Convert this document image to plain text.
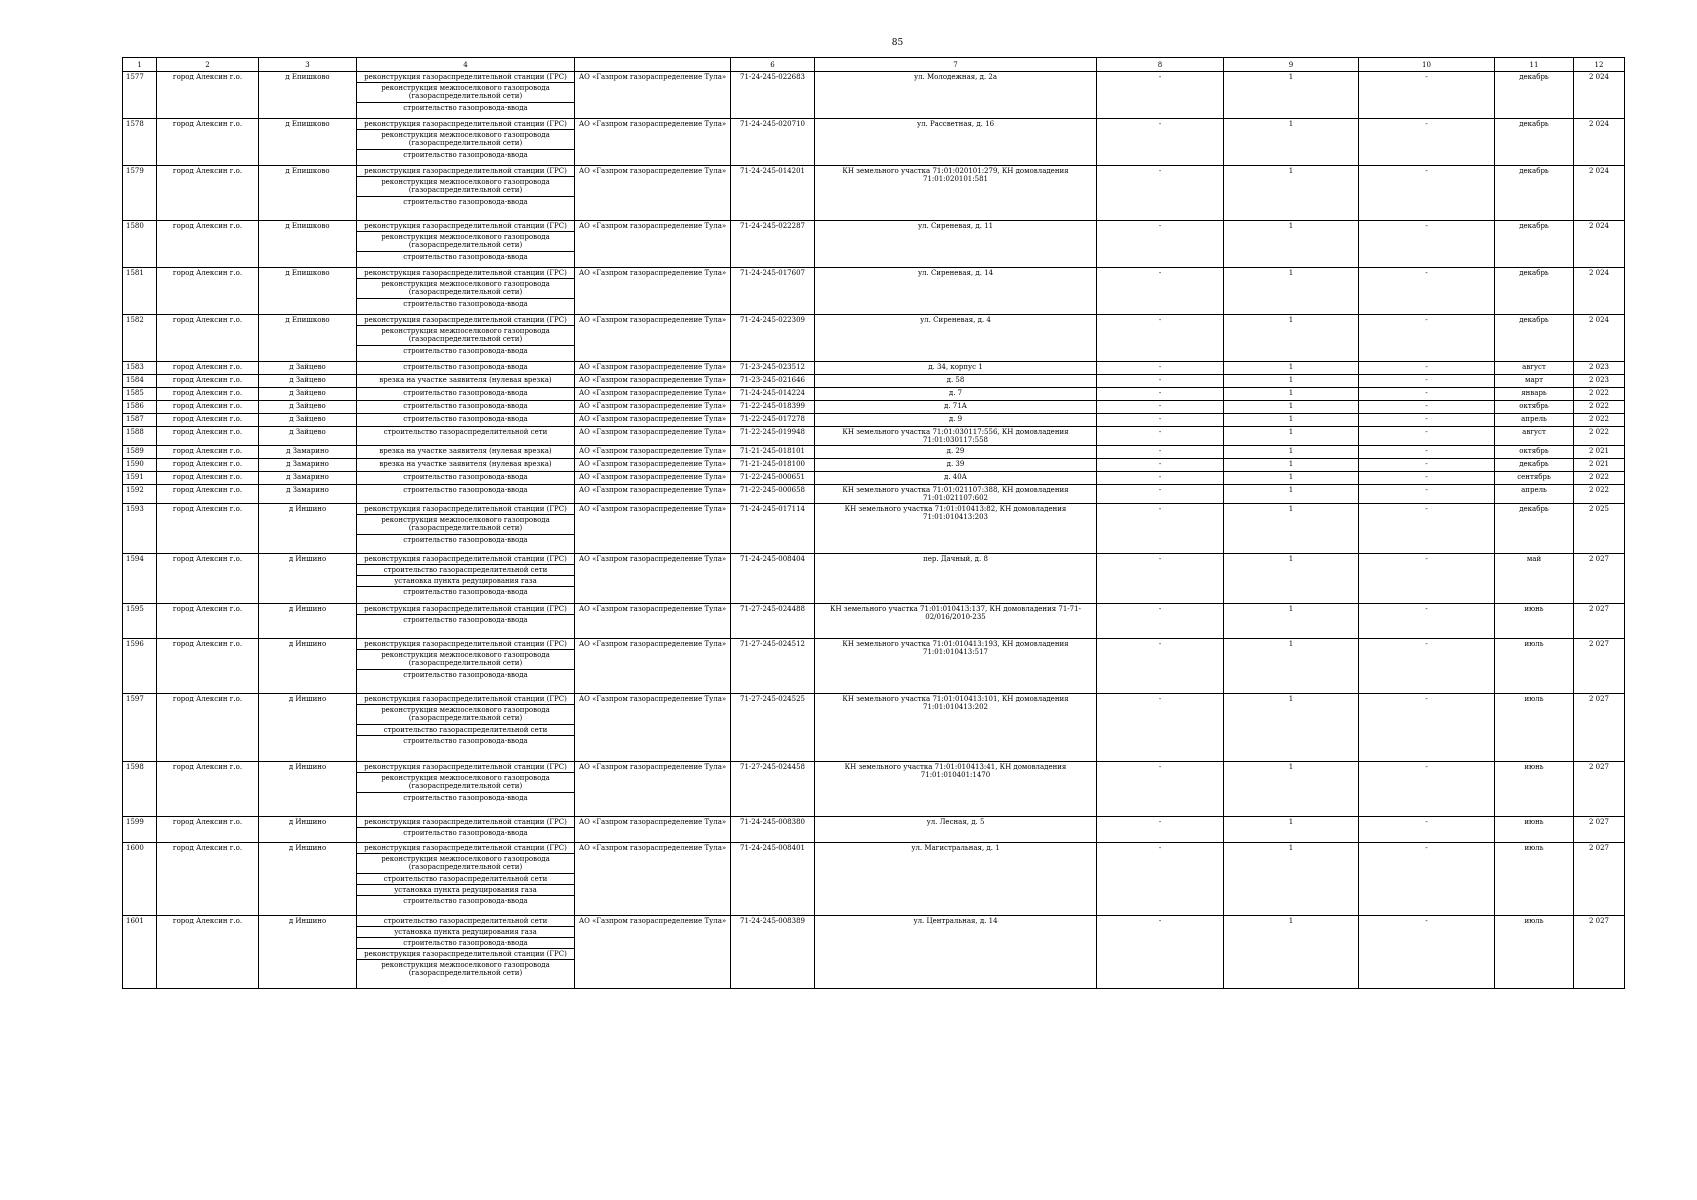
85
1	2	3	4		6	7	8	9	10	11	12
1577	город Алексин г.о.	д Епишково	реконструкция газораспределительной станции (ГРС)
реконструкция межпоселкового газопровода (газораспределительной сети)
строительство газопровода-ввода	АО «Газпром газораспределение Тула»	71-24-245-022683	ул. Молодежная, д. 2а	-	1	-	декабрь	2 024
1578	город Алексин г.о.	д Епишково	реконструкция газораспределительной станции (ГРС)
реконструкция межпоселкового газопровода (газораспределительной сети)
строительство газопровода-ввода	АО «Газпром газораспределение Тула»	71-24-245-020710	ул. Рассветная, д. 16	-	1	-	декабрь	2 024
1579	город Алексин г.о.	д Епишково	реконструкция газораспределительной станции (ГРС)
реконструкция межпоселкового газопровода (газораспределительной сети)
строительство газопровода-ввода	АО «Газпром газораспределение Тула»	71-24-245-014201	КН земельного участка 71:01:020101:279, КН домовладения 71:01:020101:581	-	1	-	декабрь	2 024
1580	город Алексин г.о.	д Епишково	реконструкция газораспределительной станции (ГРС)
реконструкция межпоселкового газопровода (газораспределительной сети)
строительство газопровода-ввода	АО «Газпром газораспределение Тула»	71-24-245-022287	ул. Сиреневая, д. 11	-	1	-	декабрь	2 024
1581	город Алексин г.о.	д Епишково	реконструкция газораспределительной станции (ГРС)
реконструкция межпоселкового газопровода (газораспределительной сети)
строительство газопровода-ввода	АО «Газпром газораспределение Тула»	71-24-245-017607	ул. Сиреневая, д. 14	-	1	-	декабрь	2 024
1582	город Алексин г.о.	д Епишково	реконструкция газораспределительной станции (ГРС)
реконструкция межпоселкового газопровода (газораспределительной сети)
строительство газопровода-ввода	АО «Газпром газораспределение Тула»	71-24-245-022309	ул. Сиреневая, д. 4	-	1	-	декабрь	2 024
1583	город Алексин г.о.	д Зайцево	строительство газопровода-ввода	АО «Газпром газораспределение Тула»	71-23-245-023512	д. 34, корпус 1	-	1	-	август	2 023
1584	город Алексин г.о.	д Зайцево	врезка на участке заявителя (нулевая врезка)	АО «Газпром газораспределение Тула»	71-23-245-021646	д. 58	-	1	-	март	2 023
1585	город Алексин г.о.	д Зайцево	строительство газопровода-ввода	АО «Газпром газораспределение Тула»	71-24-245-014224	д. 7	-	1	-	январь	2 022
1586	город Алексин г.о.	д Зайцево	строительство газопровода-ввода	АО «Газпром газораспределение Тула»	71-22-245-018399	д. 71А	-	1	-	октябрь	2 022
1587	город Алексин г.о.	д Зайцево	строительство газопровода-ввода	АО «Газпром газораспределение Тула»	71-22-245-017278	д. 9	-	1	-	апрель	2 022
1588	город Алексин г.о.	д Зайцево	строительство газораспределительной сети	АО «Газпром газораспределение Тула»	71-22-245-019948	КН земельного участка 71:01:030117:556, КН домовладения 71:01:030117:558	-	1	-	август	2 022
1589	город Алексин г.о.	д Замарино	врезка на участке заявителя (нулевая врезка)	АО «Газпром газораспределение Тула»	71-21-245-018101	д. 29	-	1	-	октябрь	2 021
1590	город Алексин г.о.	д Замарино	врезка на участке заявителя (нулевая врезка)	АО «Газпром газораспределение Тула»	71-21-245-018100	д. 39	-	1	-	декабрь	2 021
1591	город Алексин г.о.	д Замарино	строительство газопровода-ввода	АО «Газпром газораспределение Тула»	71-22-245-000651	д. 40А	-	1	-	сентябрь	2 022
1592	город Алексин г.о.	д Замарино	строительство газопровода-ввода	АО «Газпром газораспределение Тула»	71-22-245-000658	КН земельного участка 71:01:021107:388, КН домовладения 71:01:021107:602	-	1	-	апрель	2 022
1593	город Алексин г.о.	д Иншино	реконструкция газораспределительной станции (ГРС)
реконструкция межпоселкового газопровода (газораспределительной сети)
строительство газопровода-ввода	АО «Газпром газораспределение Тула»	71-24-245-017114	КН земельного участка 71:01:010413:82, КН домовладения 71:01:010413:203	-	1	-	декабрь	2 025
1594	город Алексин г.о.	д Иншино	реконструкция газораспределительной станции (ГРС)
строительство газораспределительной сети
установка пункта редуцирования газа
строительство газопровода-ввода	АО «Газпром газораспределение Тула»	71-24-245-008404	пер. Дачный, д. 8	-	1	-	май	2 027
1595	город Алексин г.о.	д Иншино	реконструкция газораспределительной станции (ГРС)
строительство газопровода-ввода	АО «Газпром газораспределение Тула»	71-27-245-024488	КН земельного участка 71:01:010413:137, КН домовладения 71-71-02/016/2010-235	-	1	-	июнь	2 027
1596	город Алексин г.о.	д Иншино	реконструкция газораспределительной станции (ГРС)
реконструкция межпоселкового газопровода (газораспределительной сети)
строительство газопровода-ввода	АО «Газпром газораспределение Тула»	71-27-245-024512	КН земельного участка 71:01:010413:193, КН домовладения 71:01:010413:517	-	1	-	июль	2 027
1597	город Алексин г.о.	д Иншино	реконструкция газораспределительной станции (ГРС)
реконструкция межпоселкового газопровода (газораспределительной сети)
строительство газораспределительной сети
строительство газопровода-ввода	АО «Газпром газораспределение Тула»	71-27-245-024525	КН земельного участка 71:01:010413:101, КН домовладения 71:01:010413:202	-	1	-	июль	2 027
1598	город Алексин г.о.	д Иншино	реконструкция газораспределительной станции (ГРС)
реконструкция межпоселкового газопровода (газораспределительной сети)
строительство газопровода-ввода	АО «Газпром газораспределение Тула»	71-27-245-024458	КН земельного участка 71:01:010413:41, КН домовладения 71:01:010401:1470	-	1	-	июнь	2 027
1599	город Алексин г.о.	д Иншино	реконструкция газораспределительной станции (ГРС)
строительство газопровода-ввода	АО «Газпром газораспределение Тула»	71-24-245-008380	ул. Лесная, д. 5	-	1	-	июнь	2 027
1600	город Алексин г.о.	д Иншино	реконструкция газораспределительной станции (ГРС)
реконструкция межпоселкового газопровода (газораспределительной сети)
строительство газораспределительной сети
установка пункта редуцирования газа
строительство газопровода-ввода	АО «Газпром газораспределение Тула»	71-24-245-008401	ул. Магистральная, д. 1	-	1	-	июль	2 027
1601	город Алексин г.о.	д Иншино	строительство газораспределительной сети
установка пункта редуцирования газа
строительство газопровода-ввода
реконструкция газораспределительной станции (ГРС)
реконструкция межпоселкового газопровода (газораспределительной сети)	АО «Газпром газораспределение Тула»	71-24-245-008389	ул. Центральная, д. 14	-	1	-	июль	2 027
